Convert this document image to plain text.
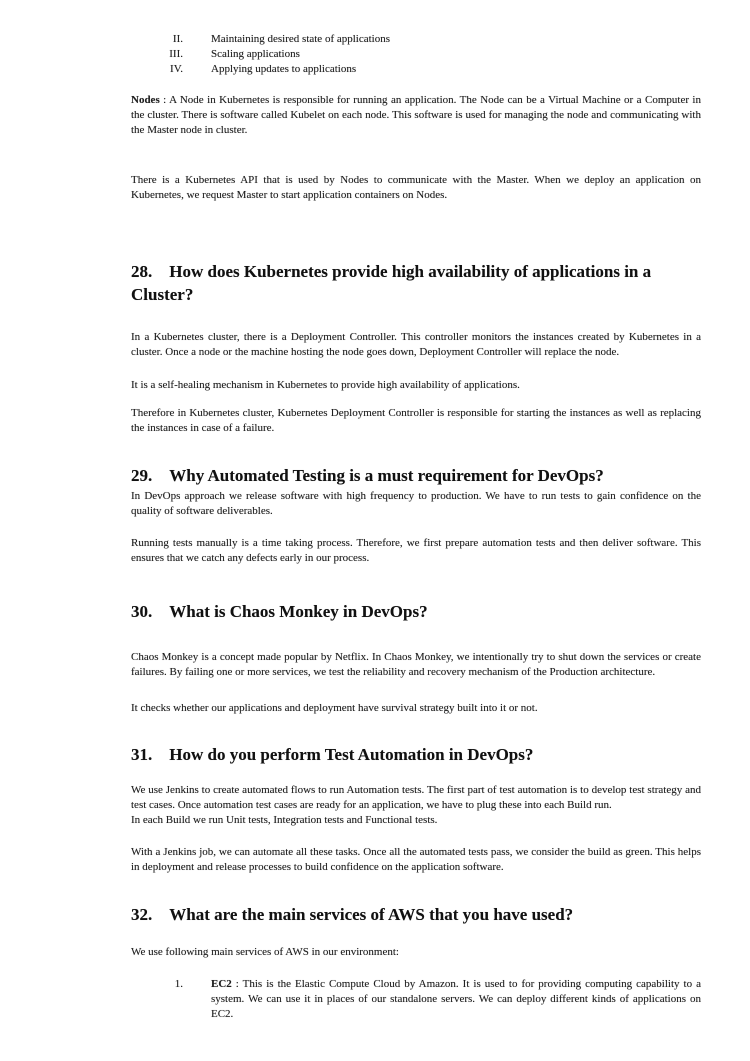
II.	Maintaining desired state of applications
III.	Scaling applications
IV.	Applying updates to applications

Nodes : A Node in Kubernetes is responsible for running an application. The Node can be a Virtual Machine or a Computer in the cluster. There is software called Kubelet on each node. This software is used for managing the node and communicating with the Master node in cluster.

There is a Kubernetes API that is used by Nodes to communicate with the Master. When we deploy an application on Kubernetes, we request Master to start application containers on Nodes.

28. How does Kubernetes provide high availability of applications in a Cluster?

In a Kubernetes cluster, there is a Deployment Controller. This controller monitors the instances created by Kubernetes in a cluster. Once a node or the machine hosting the node goes down, Deployment Controller will replace the node.

It is a self-healing mechanism in Kubernetes to provide high availability of applications.

Therefore in Kubernetes cluster, Kubernetes Deployment Controller is responsible for starting the instances as well as replacing the instances in case of a failure.

29. Why Automated Testing is a must requirement for DevOps?

In DevOps approach we release software with high frequency to production. We have to run tests to gain confidence on the quality of software deliverables.

Running tests manually is a time taking process. Therefore, we first prepare automation tests and then deliver software. This ensures that we catch any defects early in our process.

30. What is Chaos Monkey in DevOps?

Chaos Monkey is a concept made popular by Netflix. In Chaos Monkey, we intentionally try to shut down the services or create failures. By failing one or more services, we test the reliability and recovery mechanism of the Production architecture.

It checks whether our applications and deployment have survival strategy built into it or not.

31. How do you perform Test Automation in DevOps?

We use Jenkins to create automated flows to run Automation tests. The first part of test automation is to develop test strategy and test cases. Once automation test cases are ready for an application, we have to plug these into each Build run.
In each Build we run Unit tests, Integration tests and Functional tests.

With a Jenkins job, we can automate all these tasks. Once all the automated tests pass, we consider the build as green. This helps in deployment and release processes to build confidence on the application software.

32. What are the main services of AWS that you have used?

We use following main services of AWS in our environment:

1.	EC2 : This is the Elastic Compute Cloud by Amazon. It is used to for providing computing capability to a system. We can use it in places of our standalone servers. We can deploy different kinds of applications on EC2.
